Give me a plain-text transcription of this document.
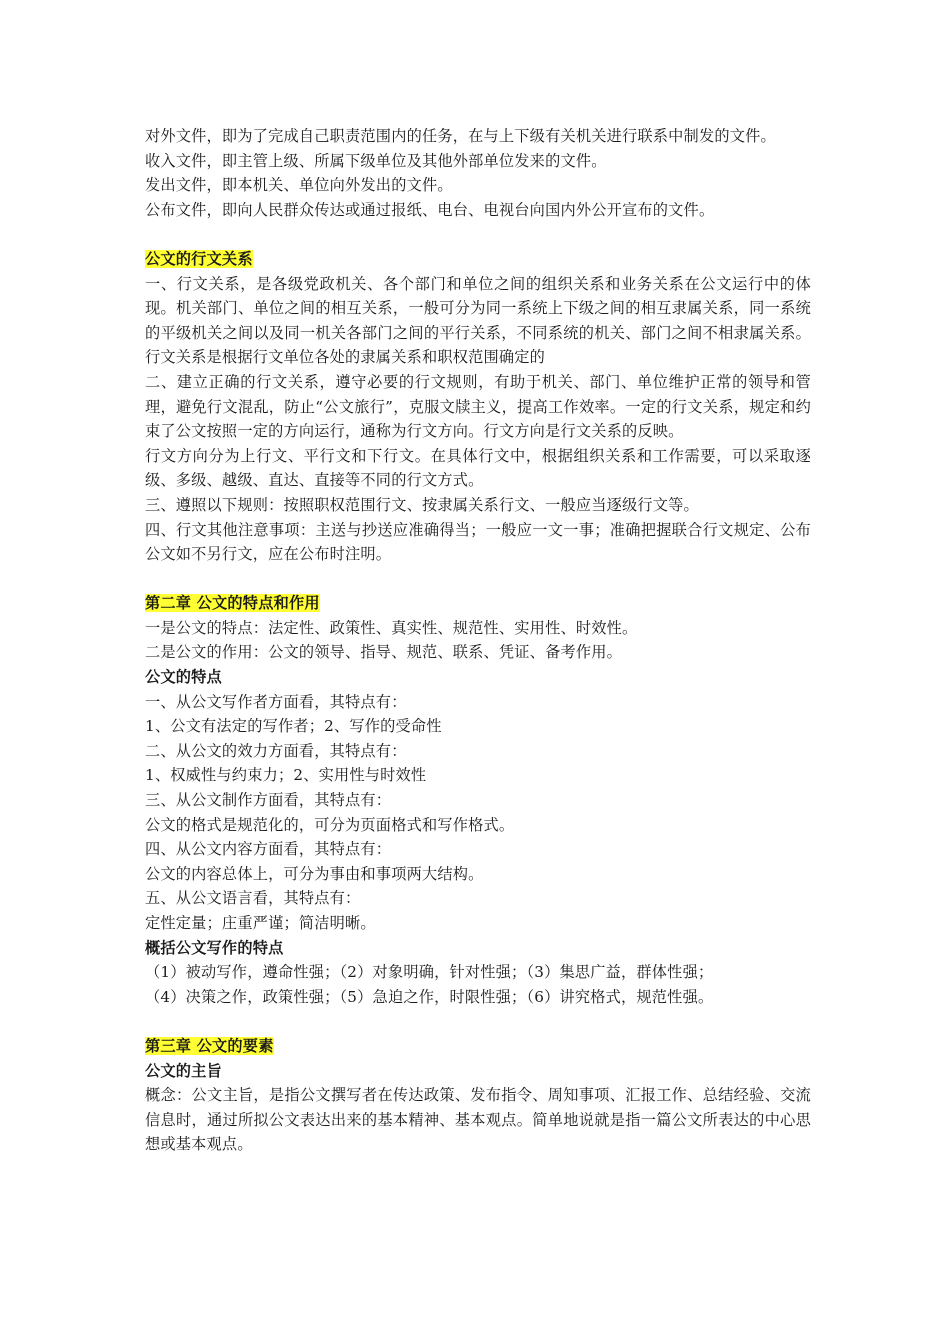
对外文件，即为了完成自己职责范围内的任务，在与上下级有关机关进行联系中制发的文件。

收入文件，即主管上级、所属下级单位及其他外部单位发来的文件。

发出文件，即本机关、单位向外发出的文件。

公布文件，即向人民群众传达或通过报纸、电台、电视台向国内外公开宣布的文件。

公文的行文关系

一、行文关系，是各级党政机关、各个部门和单位之间的组织关系和业务关系在公文运行中的体现。机关部门、单位之间的相互关系，一般可分为同一系统上下级之间的相互隶属关系，同一系统的平级机关之间以及同一机关各部门之间的平行关系，不同系统的机关、部门之间不相隶属关系。行文关系是根据行文单位各处的隶属关系和职权范围确定的

二、建立正确的行文关系，遵守必要的行文规则，有助于机关、部门、单位维护正常的领导和管理，避免行文混乱，防止“公文旅行”，克服文牍主义，提高工作效率。一定的行文关系，规定和约束了公文按照一定的方向运行，通称为行文方向。行文方向是行文关系的反映。

行文方向分为上行文、平行文和下行文。在具体行文中，根据组织关系和工作需要，可以采取逐级、多级、越级、直达、直接等不同的行文方式。

三、遵照以下规则：按照职权范围行文、按隶属关系行文、一般应当逐级行文等。

四、行文其他注意事项：主送与抄送应准确得当；一般应一文一事；准确把握联合行文规定、公布公文如不另行文，应在公布时注明。

第二章 公文的特点和作用

一是公文的特点：法定性、政策性、真实性、规范性、实用性、时效性。

二是公文的作用：公文的领导、指导、规范、联系、凭证、备考作用。

公文的特点

一、从公文写作者方面看，其特点有：

1、公文有法定的写作者；2、写作的受命性

二、从公文的效力方面看，其特点有：

1、权威性与约束力；2、实用性与时效性

三、从公文制作方面看，其特点有：

公文的格式是规范化的，可分为页面格式和写作格式。

四、从公文内容方面看，其特点有：

公文的内容总体上，可分为事由和事项两大结构。

五、从公文语言看，其特点有：

定性定量；庄重严谨；简洁明晰。

概括公文写作的特点

（1）被动写作，遵命性强；（2）对象明确，针对性强；（3）集思广益，群体性强；

（4）决策之作，政策性强；（5）急迫之作，时限性强；（6）讲究格式，规范性强。

第三章 公文的要素

公文的主旨

概念：公文主旨，是指公文撰写者在传达政策、发布指令、周知事项、汇报工作、总结经验、交流信息时，通过所拟公文表达出来的基本精神、基本观点。简单地说就是指一篇公文所表达的中心思想或基本观点。
